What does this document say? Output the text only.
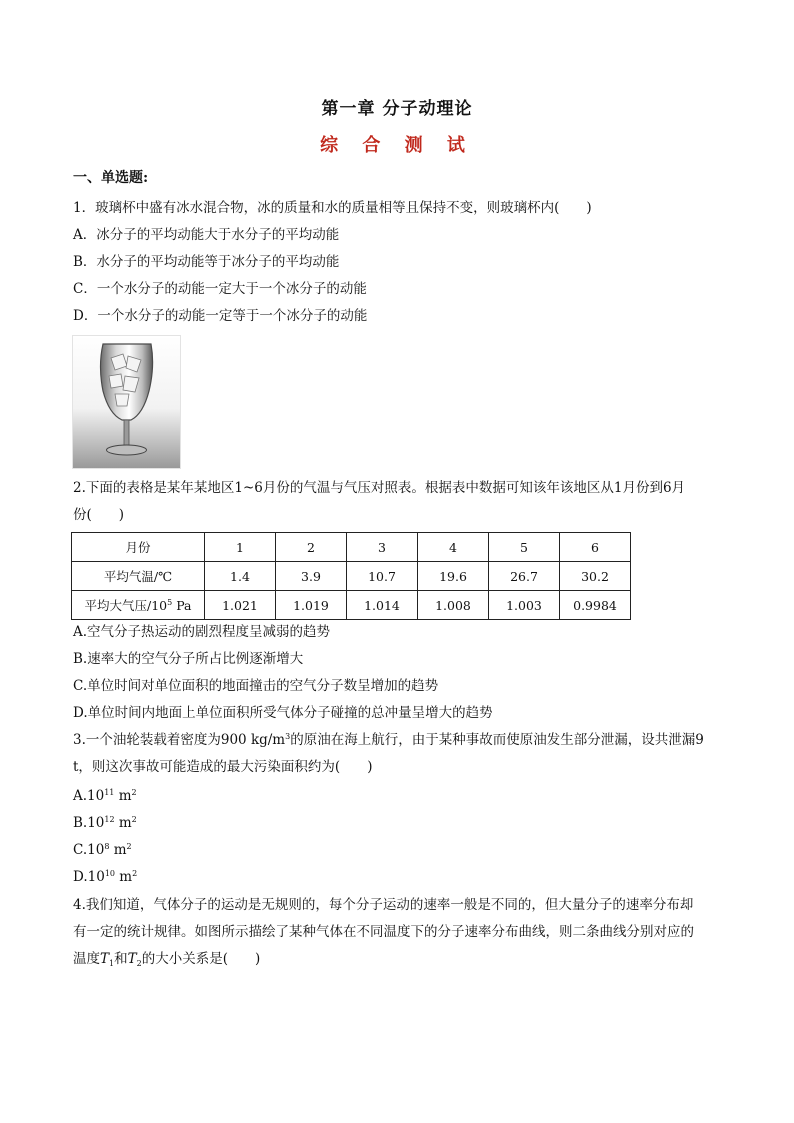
第一章 分子动理论
综 合 测 试
一、单选题:
1．玻璃杯中盛有冰水混合物，冰的质量和水的质量相等且保持不变，则玻璃杯内(　　)
A．冰分子的平均动能大于水分子的平均动能
B．水分子的平均动能等于冰分子的平均动能
C．一个水分子的动能一定大于一个冰分子的动能
D．一个水分子的动能一定等于一个冰分子的动能
2.下面的表格是某年某地区1~6月份的气温与气压对照表。根据表中数据可知该年该地区从1月份到6月
份(　　)
月份	1	2	3	4	5	6
平均气温/℃	1.4	3.9	10.7	19.6	26.7	30.2
平均大气压$/10^5$ Pa	1.021	1.019	1.014	1.008	1.003	0.9984
A.空气分子热运动的剧烈程度呈减弱的趋势
B.速率大的空气分子所占比例逐渐增大
C.单位时间对单位面积的地面撞击的空气分子数呈增加的趋势
D.单位时间内地面上单位面积所受气体分子碰撞的总冲量呈增大的趋势
3.一个油轮装载着密度为900 $kg/m^3$的原油在海上航行，由于某种事故而使原油发生部分泄漏，设共泄漏9
t，则这次事故可能造成的最大污染面积约为(　　)
$A.10^{11}$ $m^2$
$B.10^{12}$ $m^2$
$C.10^8$ $m^2$
$D.10^{10}$ $m^2$
4.我们知道，气体分子的运动是无规则的，每个分子运动的速率一般是不同的，但大量分子的速率分布却
有一定的统计规律。如图所示描绘了某种气体在不同温度下的分子速率分布曲线，则二条曲线分别对应的
温度$T_1$和$T_2$的大小关系是(　　)
